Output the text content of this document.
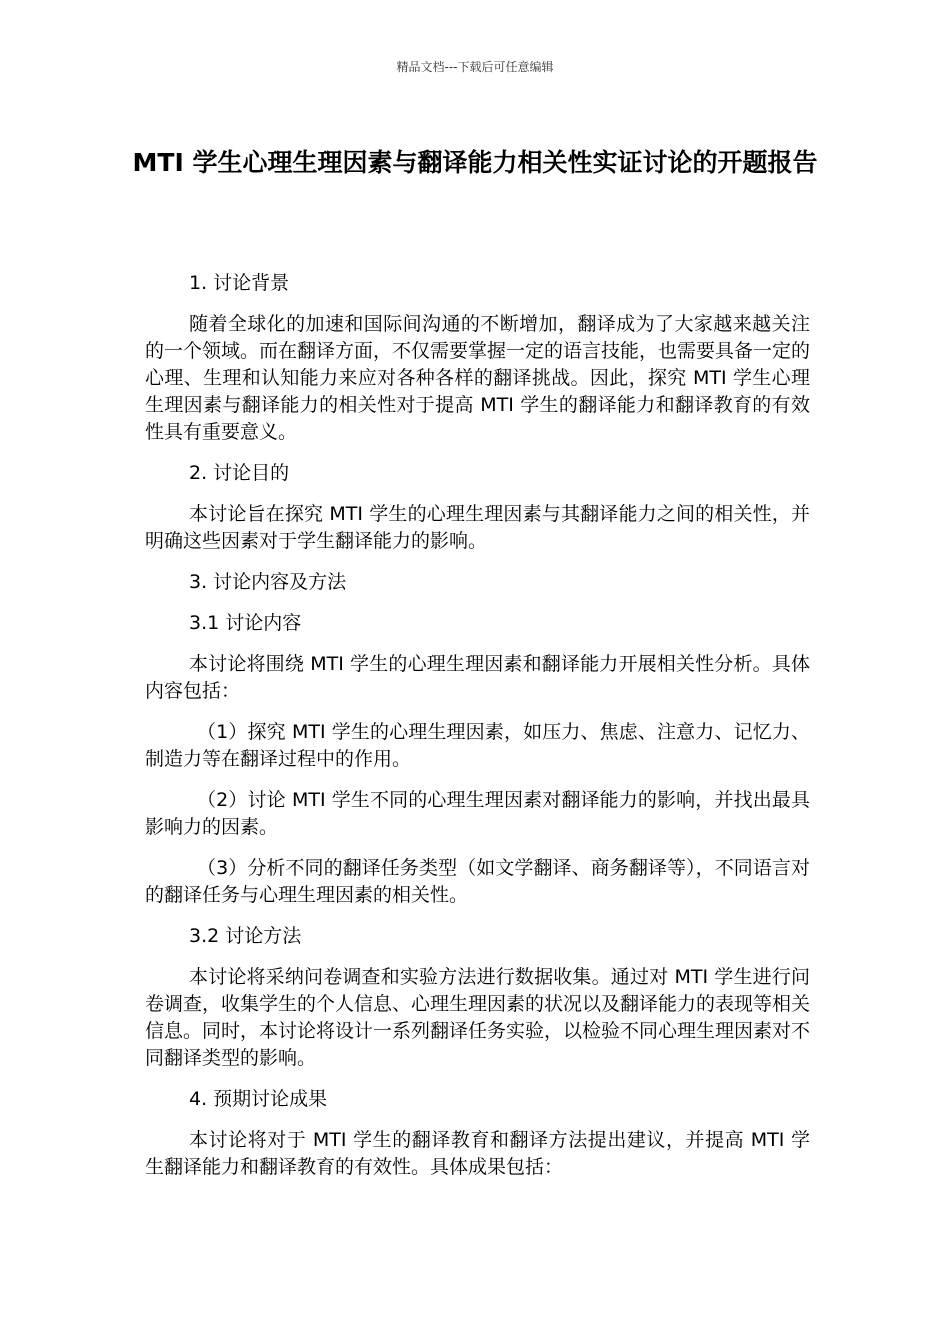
精品文档---下载后可任意编辑
MTI 学生心理生理因素与翻译能力相关性实证讨论的开题报告

1. 讨论背景

随着全球化的加速和国际间沟通的不断增加，翻译成为了大家越来越关注的一个领域。而在翻译方面，不仅需要掌握一定的语言技能，也需要具备一定的心理、生理和认知能力来应对各种各样的翻译挑战。因此，探究 MTI 学生心理生理因素与翻译能力的相关性对于提高 MTI 学生的翻译能力和翻译教育的有效性具有重要意义。

2. 讨论目的

本讨论旨在探究 MTI 学生的心理生理因素与其翻译能力之间的相关性，并明确这些因素对于学生翻译能力的影响。

3. 讨论内容及方法

3.1 讨论内容

本讨论将围绕 MTI 学生的心理生理因素和翻译能力开展相关性分析。具体内容包括：

（1）探究 MTI 学生的心理生理因素，如压力、焦虑、注意力、记忆力、制造力等在翻译过程中的作用。

（2）讨论 MTI 学生不同的心理生理因素对翻译能力的影响，并找出最具影响力的因素。

（3）分析不同的翻译任务类型（如文学翻译、商务翻译等），不同语言对的翻译任务与心理生理因素的相关性。

3.2 讨论方法

本讨论将采纳问卷调查和实验方法进行数据收集。通过对 MTI 学生进行问卷调查，收集学生的个人信息、心理生理因素的状况以及翻译能力的表现等相关信息。同时，本讨论将设计一系列翻译任务实验，以检验不同心理生理因素对不同翻译类型的影响。

4. 预期讨论成果

本讨论将对于 MTI 学生的翻译教育和翻译方法提出建议，并提高 MTI 学生翻译能力和翻译教育的有效性。具体成果包括：
